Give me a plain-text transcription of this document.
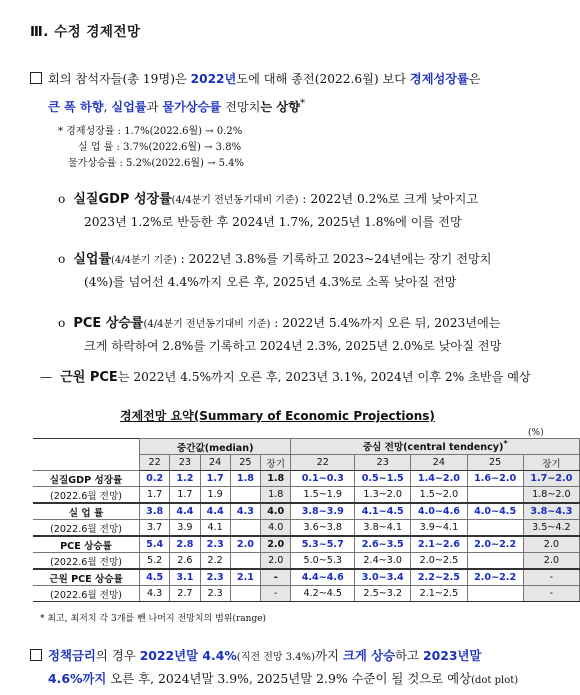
Ⅲ. 수정 경제전망
회의 참석자들(총 19명)은 2022년도에 대해 종전(2022.6월) 보다 경제성장률은
큰 폭 하향, 실업률과 물가상승률 전망치는 상향*
* 경제성장률 : 1.7%(2022.6월) → 0.2%
실 업 률 : 3.7%(2022.6월) → 3.8%
물가상승률 : 5.2%(2022.6월) → 5.4%
o 실질GDP 성장률(4/4분기 전년동기대비 기준) : 2022년 0.2%로 크게 낮아지고
2023년 1.2%로 반등한 후 2024년 1.7%, 2025년 1.8%에 이를 전망
o 실업률(4/4분기 기준) : 2022년 3.8%를 기록하고 2023~24년에는 장기 전망치
(4%)를 넘어선 4.4%까지 오른 후, 2025년 4.3%로 소폭 낮아질 전망
o PCE 상승률(4/4분기 전년동기대비 기준) : 2022년 5.4%까지 오른 뒤, 2023년에는
크게 하락하여 2.8%를 기록하고 2024년 2.3%, 2025년 2.0%로 낮아질 전망
— 근원 PCE는 2022년 4.5%까지 오른 후, 2023년 3.1%, 2024년 이후 2% 초반을 예상
경제전망 요약(Summary of Economic Projections)
(%)
	중간값(median)					중심 전망(central tendency)*
	22	23	24	25	장기	22	23	24	25	장기
실질GDP 성장률	0.2	1.2	1.7	1.8	1.8	0.1~0.3	0.5~1.5	1.4~2.0	1.6~2.0	1.7~2.0
(2022.6월 전망)	1.7	1.7	1.9		1.8	1.5~1.9	1.3~2.0	1.5~2.0		1.8~2.0
실 업 률	3.8	4.4	4.4	4.3	4.0	3.8~3.9	4.1~4.5	4.0~4.6	4.0~4.5	3.8~4.3
(2022.6월 전망)	3.7	3.9	4.1		4.0	3.6~3.8	3.8~4.1	3.9~4.1		3.5~4.2
PCE 상승률	5.4	2.8	2.3	2.0	2.0	5.3~5.7	2.6~3.5	2.1~2.6	2.0~2.2	2.0
(2022.6월 전망)	5.2	2.6	2.2		2.0	5.0~5.3	2.4~3.0	2.0~2.5		2.0
근원 PCE 상승률	4.5	3.1	2.3	2.1	-	4.4~4.6	3.0~3.4	2.2~2.5	2.0~2.2	-
(2022.6월 전망)	4.3	2.7	2.3		-	4.2~4.5	2.5~3.2	2.1~2.5		-
* 최고, 최저치 각 3개를 뺀 나머지 전망치의 범위(range)
정책금리의 경우 2022년말 4.4%(직전 전망 3.4%)까지 크게 상승하고 2023년말
4.6%까지 오른 후, 2024년말 3.9%, 2025년말 2.9% 수준이 될 것으로 예상(dot plot)
